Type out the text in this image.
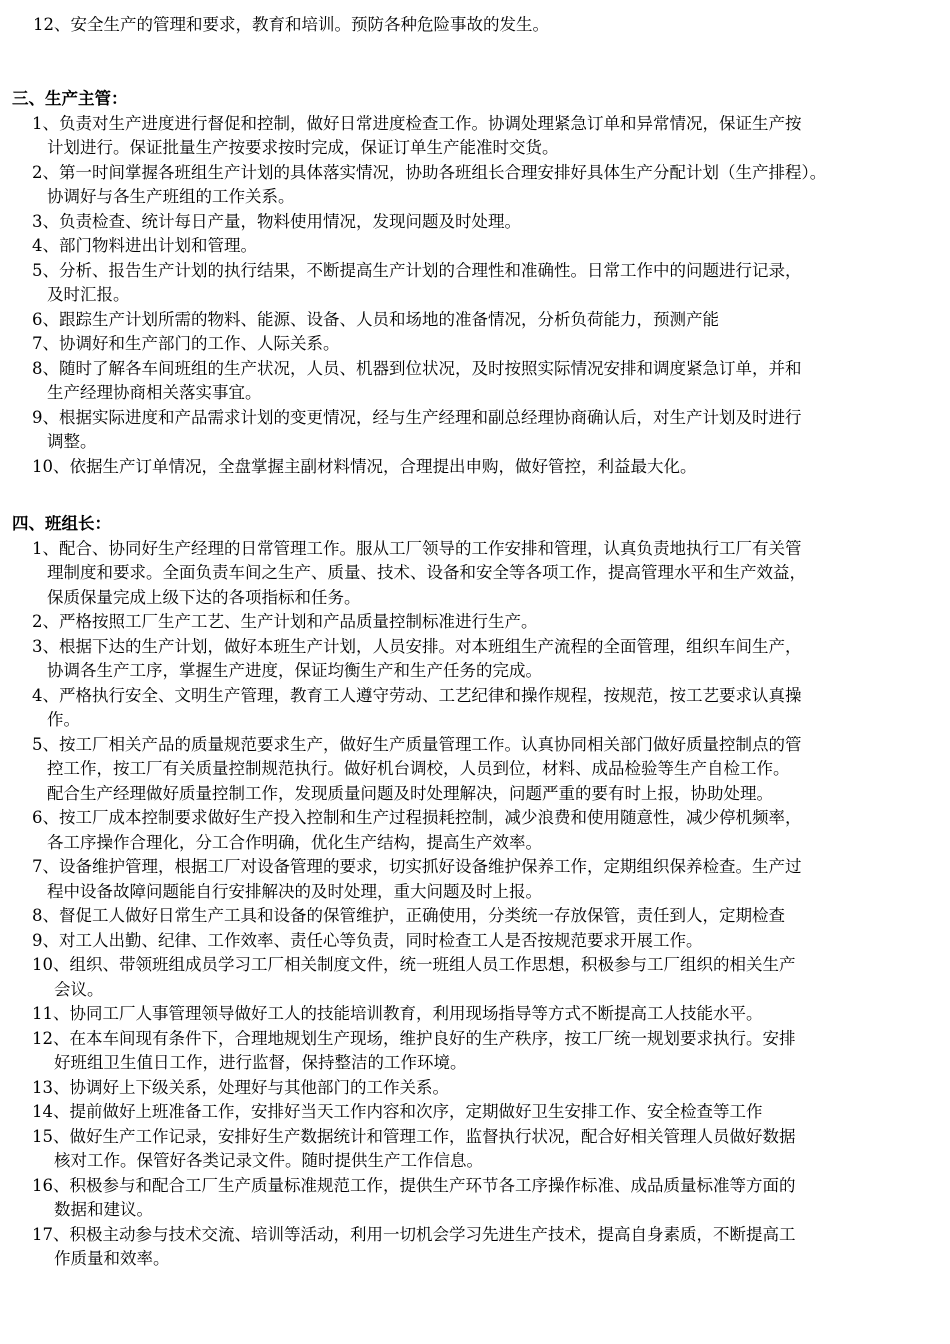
12、安全生产的管理和要求，教育和培训。预防各种危险事故的发生。

三、生产主管：
1、负责对生产进度进行督促和控制，做好日常进度检查工作。协调处理紧急订单和异常情况，保证生产按
计划进行。保证批量生产按要求按时完成，保证订单生产能准时交货。
2、第一时间掌握各班组生产计划的具体落实情况，协助各班组长合理安排好具体生产分配计划（生产排程）。
协调好与各生产班组的工作关系。
3、负责检查、统计每日产量，物料使用情况，发现问题及时处理。
4、部门物料进出计划和管理。
5、分析、报告生产计划的执行结果，不断提高生产计划的合理性和准确性。日常工作中的问题进行记录，
及时汇报。
6、跟踪生产计划所需的物料、能源、设备、人员和场地的准备情况，分析负荷能力，预测产能
7、协调好和生产部门的工作、人际关系。
8、随时了解各车间班组的生产状况，人员、机器到位状况，及时按照实际情况安排和调度紧急订单，并和
生产经理协商相关落实事宜。
9、根据实际进度和产品需求计划的变更情况，经与生产经理和副总经理协商确认后，对生产计划及时进行
调整。
10、依据生产订单情况，全盘掌握主副材料情况，合理提出申购，做好管控，利益最大化。
四、班组长：
1、配合、协同好生产经理的日常管理工作。服从工厂领导的工作安排和管理，认真负责地执行工厂有关管
理制度和要求。全面负责车间之生产、质量、技术、设备和安全等各项工作，提高管理水平和生产效益，
保质保量完成上级下达的各项指标和任务。
2、严格按照工厂生产工艺、生产计划和产品质量控制标准进行生产。
3、根据下达的生产计划，做好本班生产计划，人员安排。对本班组生产流程的全面管理，组织车间生产，
协调各生产工序，掌握生产进度，保证均衡生产和生产任务的完成。
4、严格执行安全、文明生产管理，教育工人遵守劳动、工艺纪律和操作规程，按规范，按工艺要求认真操
作。
5、按工厂相关产品的质量规范要求生产，做好生产质量管理工作。认真协同相关部门做好质量控制点的管
控工作，按工厂有关质量控制规范执行。做好机台调校，人员到位，材料、成品检验等生产自检工作。
配合生产经理做好质量控制工作，发现质量问题及时处理解决，问题严重的要有时上报，协助处理。
6、按工厂成本控制要求做好生产投入控制和生产过程损耗控制，减少浪费和使用随意性，减少停机频率，
各工序操作合理化，分工合作明确，优化生产结构，提高生产效率。
7、设备维护管理，根据工厂对设备管理的要求，切实抓好设备维护保养工作，定期组织保养检查。生产过
程中设备故障问题能自行安排解决的及时处理，重大问题及时上报。
8、督促工人做好日常生产工具和设备的保管维护，正确使用，分类统一存放保管，责任到人，定期检查
9、对工人出勤、纪律、工作效率、责任心等负责，同时检查工人是否按规范要求开展工作。
10、组织、带领班组成员学习工厂相关制度文件，统一班组人员工作思想，积极参与工厂组织的相关生产
会议。
11、协同工厂人事管理领导做好工人的技能培训教育，利用现场指导等方式不断提高工人技能水平。
12、在本车间现有条件下，合理地规划生产现场，维护良好的生产秩序，按工厂统一规划要求执行。安排
好班组卫生值日工作，进行监督，保持整洁的工作环境。
13、协调好上下级关系，处理好与其他部门的工作关系。
14、提前做好上班准备工作，安排好当天工作内容和次序，定期做好卫生安排工作、安全检查等工作
15、做好生产工作记录，安排好生产数据统计和管理工作，监督执行状况，配合好相关管理人员做好数据
核对工作。保管好各类记录文件。随时提供生产工作信息。
16、积极参与和配合工厂生产质量标准规范工作，提供生产环节各工序操作标准、成品质量标准等方面的
数据和建议。
17、积极主动参与技术交流、培训等活动，利用一切机会学习先进生产技术，提高自身素质，不断提高工
作质量和效率。
